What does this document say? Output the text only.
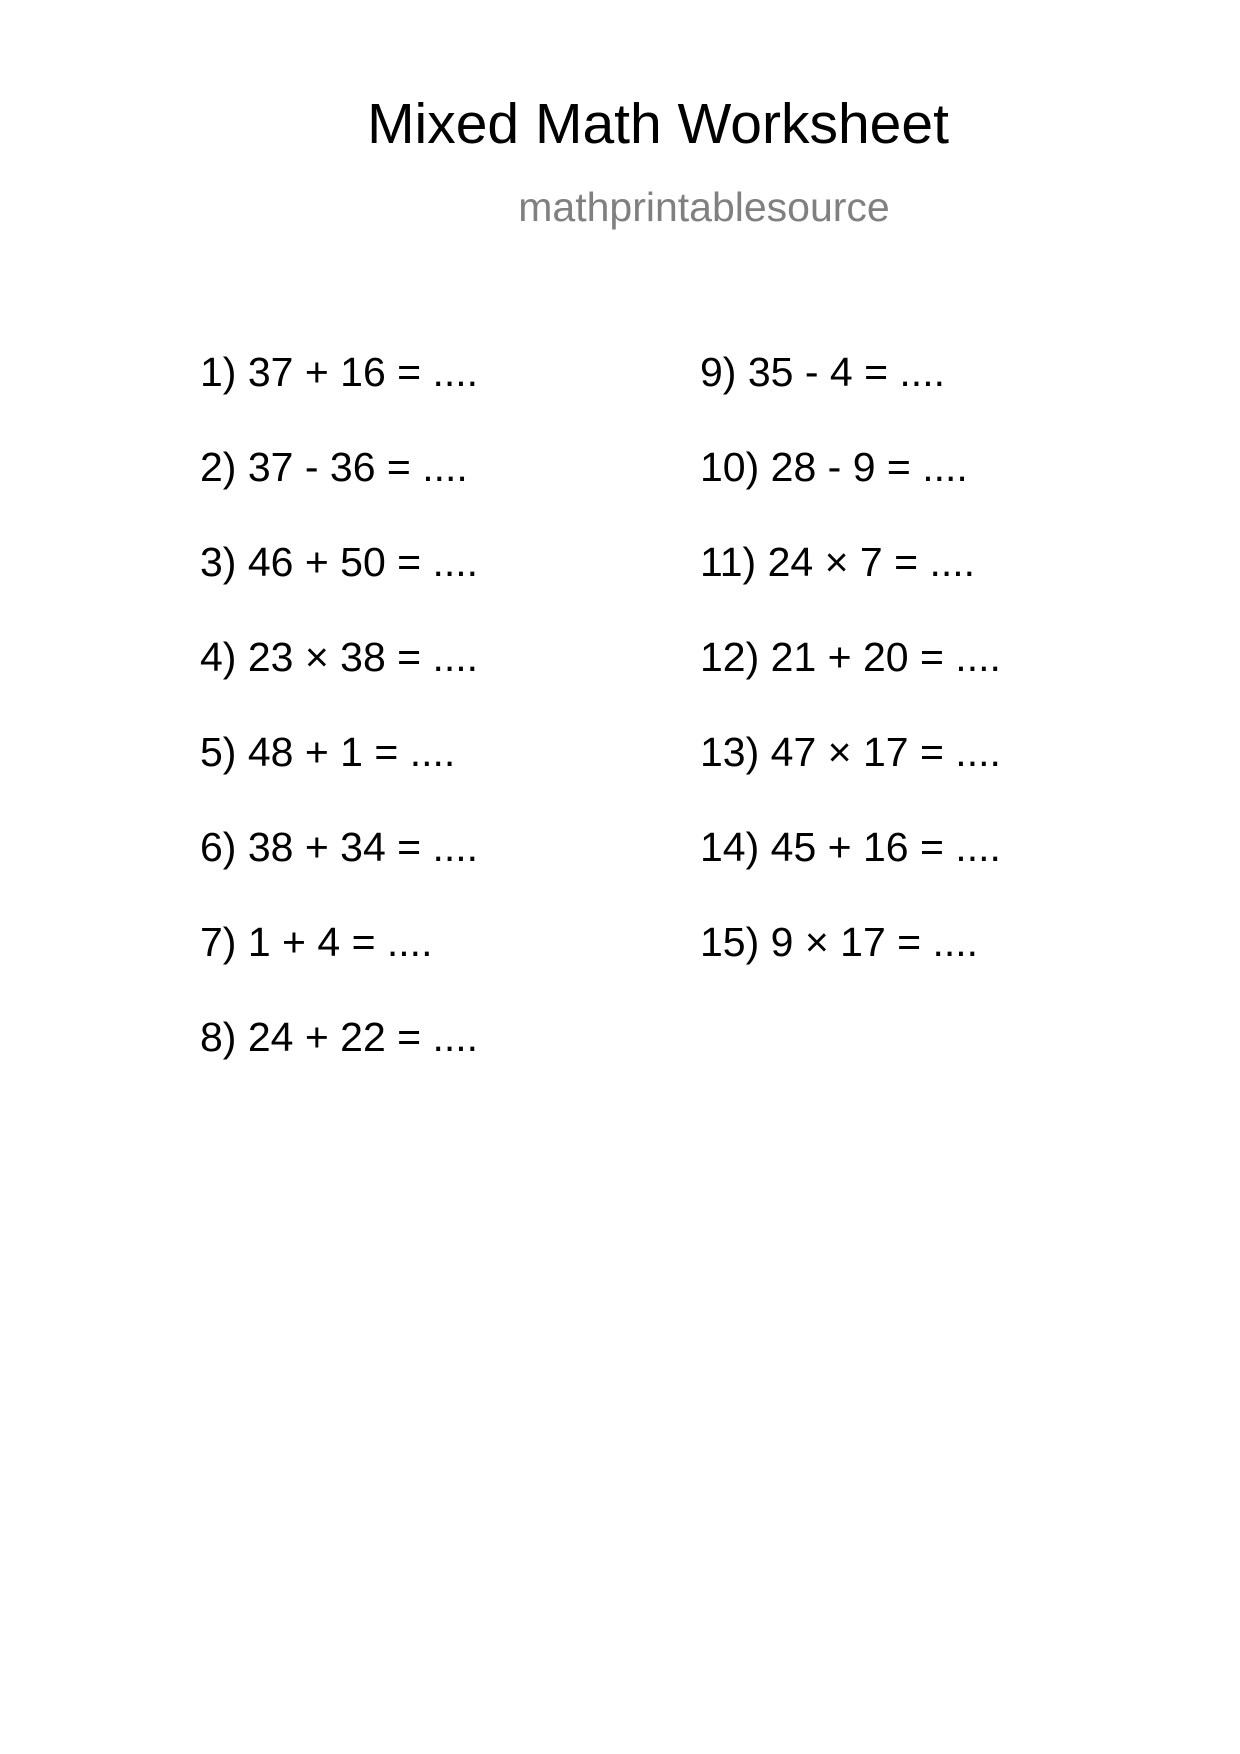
Mixed Math Worksheet
mathprintablesource
1) 37 + 16 = ....
2) 37 - 36 = ....
3) 46 + 50 = ....
4) 23 × 38 = ....
5) 48 + 1 = ....
6) 38 + 34 = ....
7) 1 + 4 = ....
8) 24 + 22 = ....
9) 35 - 4 = ....
10) 28 - 9 = ....
11) 24 × 7 = ....
12) 21 + 20 = ....
13) 47 × 17 = ....
14) 45 + 16 = ....
15) 9 × 17 = ....
